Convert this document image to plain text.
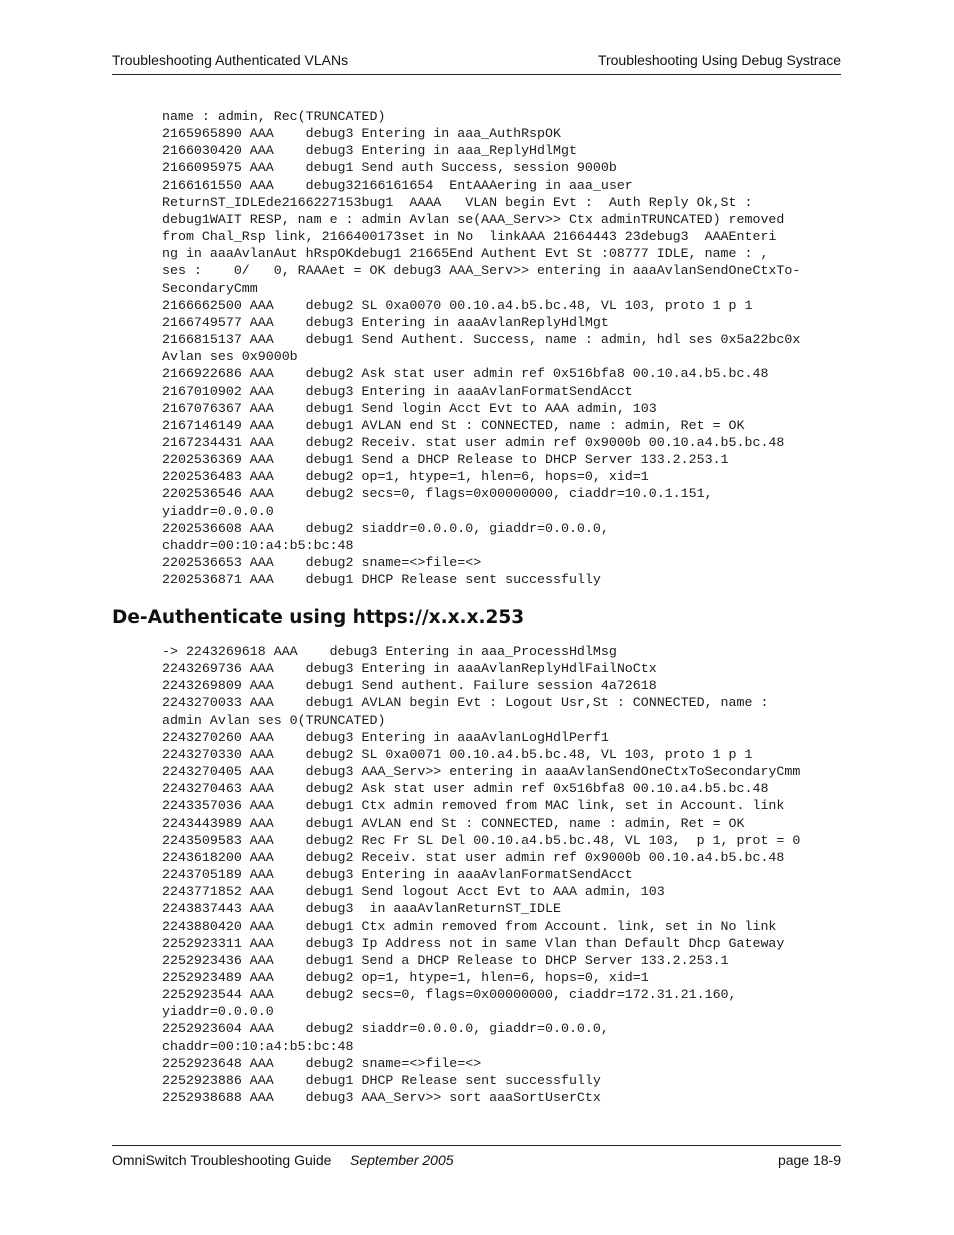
Troubleshooting Authenticated VLANs	Troubleshooting Using Debug Systrace
name : admin, Rec(TRUNCATED)
2165965890 AAA    debug3 Entering in aaa_AuthRspOK
2166030420 AAA    debug3 Entering in aaa_ReplyHdlMgt
2166095975 AAA    debug1 Send auth Success, session 9000b
2166161550 AAA    debug32166161654  EntAAAering in aaa_user
ReturnST_IDLEde2166227153bug1  AAAA   VLAN begin Evt :  Auth Reply Ok,St :
debug1WAIT RESP, nam e : admin Avlan se(AAA_Serv>> Ctx adminTRUNCATED) removed
from Chal_Rsp link, 2166400173set in No  linkAAA 21664443 23debug3  AAAEnteri
ng in aaaAvlanAut hRspOKdebug1 21665End Authent Evt St :08777 IDLE, name : ,
ses :    0/   0, RAAAet = OK debug3 AAA_Serv>> entering in aaaAvlanSendOneCtxTo-
SecondaryCmm
2166662500 AAA    debug2 SL 0xa0070 00.10.a4.b5.bc.48, VL 103, proto 1 p 1
2166749577 AAA    debug3 Entering in aaaAvlanReplyHdlMgt
2166815137 AAA    debug1 Send Authent. Success, name : admin, hdl ses 0x5a22bc0x
Avlan ses 0x9000b
2166922686 AAA    debug2 Ask stat user admin ref 0x516bfa8 00.10.a4.b5.bc.48
2167010902 AAA    debug3 Entering in aaaAvlanFormatSendAcct
2167076367 AAA    debug1 Send login Acct Evt to AAA admin, 103
2167146149 AAA    debug1 AVLAN end St : CONNECTED, name : admin, Ret = OK
2167234431 AAA    debug2 Receiv. stat user admin ref 0x9000b 00.10.a4.b5.bc.48
2202536369 AAA    debug1 Send a DHCP Release to DHCP Server 133.2.253.1
2202536483 AAA    debug2 op=1, htype=1, hlen=6, hops=0, xid=1
2202536546 AAA    debug2 secs=0, flags=0x00000000, ciaddr=10.0.1.151,
yiaddr=0.0.0.0
2202536608 AAA    debug2 siaddr=0.0.0.0, giaddr=0.0.0.0,
chaddr=00:10:a4:b5:bc:48
2202536653 AAA    debug2 sname=<>file=<>
2202536871 AAA    debug1 DHCP Release sent successfully
De-Authenticate using https://x.x.x.253
-> 2243269618 AAA    debug3 Entering in aaa_ProcessHdlMsg
2243269736 AAA    debug3 Entering in aaaAvlanReplyHdlFailNoCtx
2243269809 AAA    debug1 Send authent. Failure session 4a72618
2243270033 AAA    debug1 AVLAN begin Evt : Logout Usr,St : CONNECTED, name :
admin Avlan ses 0(TRUNCATED)
2243270260 AAA    debug3 Entering in aaaAvlanLogHdlPerf1
2243270330 AAA    debug2 SL 0xa0071 00.10.a4.b5.bc.48, VL 103, proto 1 p 1
2243270405 AAA    debug3 AAA_Serv>> entering in aaaAvlanSendOneCtxToSecondaryCmm
2243270463 AAA    debug2 Ask stat user admin ref 0x516bfa8 00.10.a4.b5.bc.48
2243357036 AAA    debug1 Ctx admin removed from MAC link, set in Account. link
2243443989 AAA    debug1 AVLAN end St : CONNECTED, name : admin, Ret = OK
2243509583 AAA    debug2 Rec Fr SL Del 00.10.a4.b5.bc.48, VL 103,  p 1, prot = 0
2243618200 AAA    debug2 Receiv. stat user admin ref 0x9000b 00.10.a4.b5.bc.48
2243705189 AAA    debug3 Entering in aaaAvlanFormatSendAcct
2243771852 AAA    debug1 Send logout Acct Evt to AAA admin, 103
2243837443 AAA    debug3  in aaaAvlanReturnST_IDLE
2243880420 AAA    debug1 Ctx admin removed from Account. link, set in No link
2252923311 AAA    debug3 Ip Address not in same Vlan than Default Dhcp Gateway
2252923436 AAA    debug1 Send a DHCP Release to DHCP Server 133.2.253.1
2252923489 AAA    debug2 op=1, htype=1, hlen=6, hops=0, xid=1
2252923544 AAA    debug2 secs=0, flags=0x00000000, ciaddr=172.31.21.160,
yiaddr=0.0.0.0
2252923604 AAA    debug2 siaddr=0.0.0.0, giaddr=0.0.0.0,
chaddr=00:10:a4:b5:bc:48
2252923648 AAA    debug2 sname=<>file=<>
2252923886 AAA    debug1 DHCP Release sent successfully
2252938688 AAA    debug3 AAA_Serv>> sort aaaSortUserCtx
OmniSwitch Troubleshooting Guide September 2005	page 18-9
